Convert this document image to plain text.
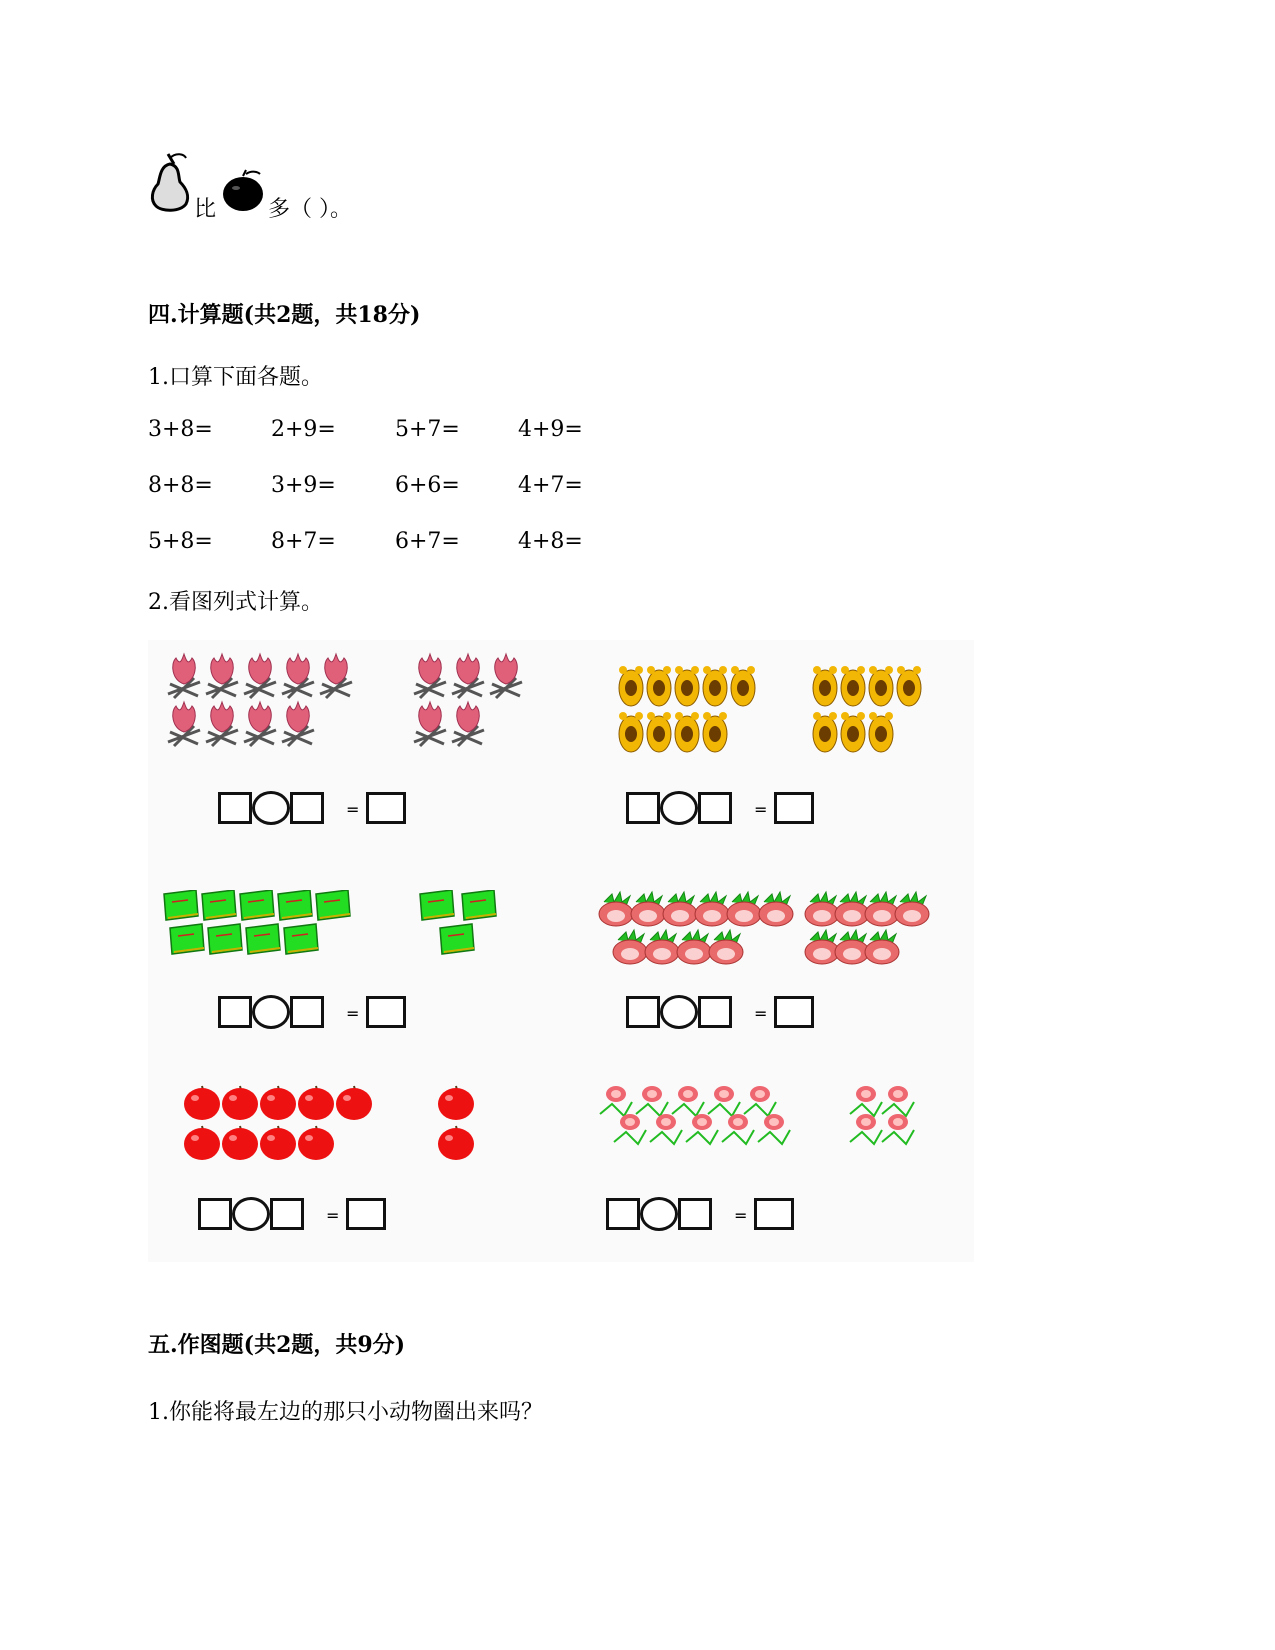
比 多（ ）。
四.计算题(共2题，共18分)
1.口算下面各题。
3+8=	2+9=	5+7=	4+9=
8+8=	3+9=	6+6=	4+7=
5+8=	8+7=	6+7=	4+8=
2.看图列式计算。
=	=
=	=
=	=
五.作图题(共2题，共9分)
1.你能将最左边的那只小动物圈出来吗？
